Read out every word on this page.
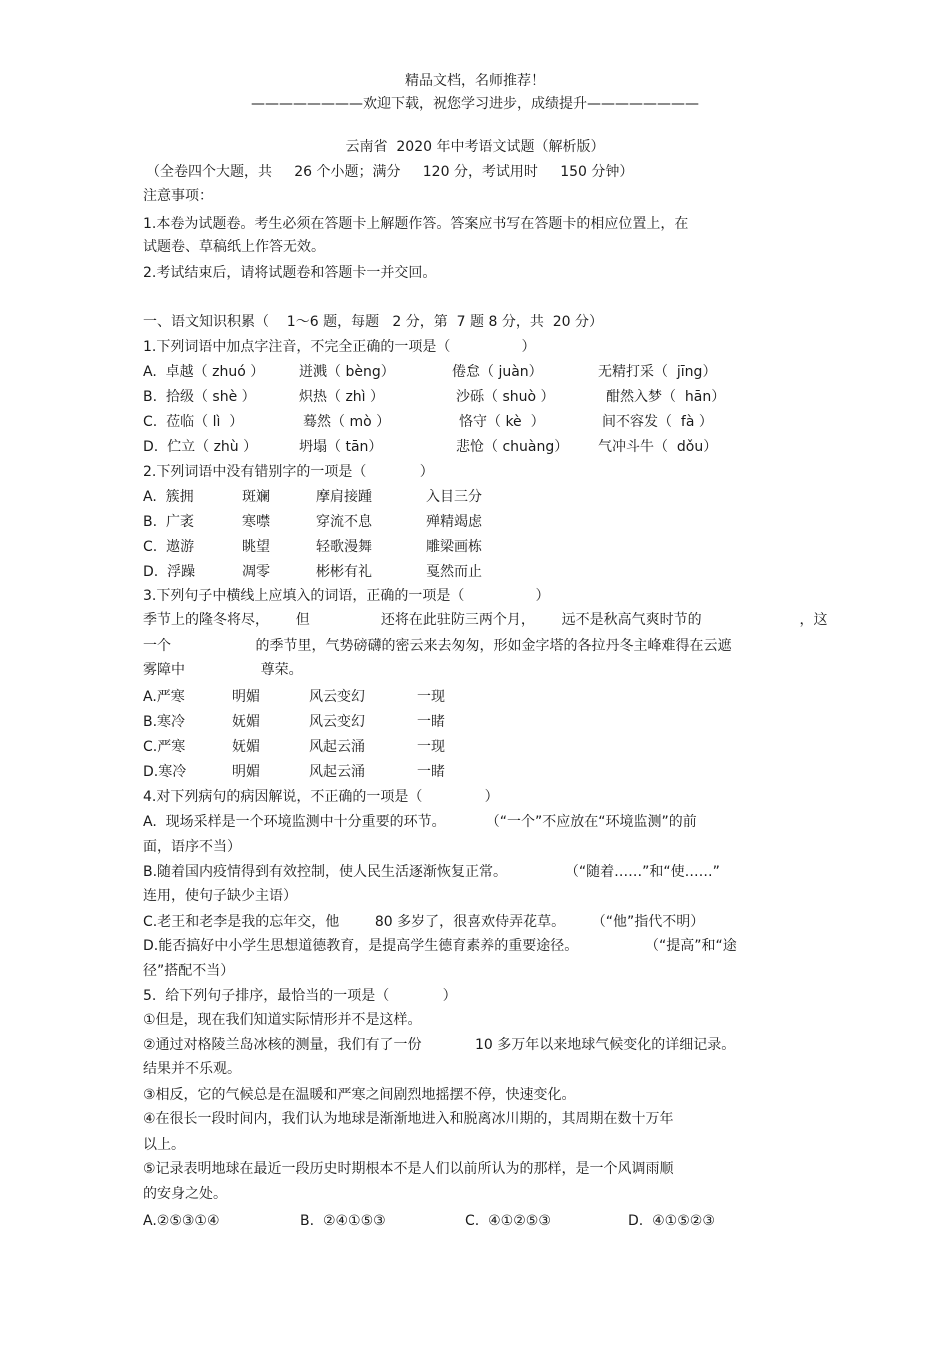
精品文档，名师推荐！
————————欢迎下载，祝您学习进步，成绩提升————————
云南省  2020 年中考语文试题（解析版）
（全卷四个大题，共     26 个小题；满分     120 分，考试用时     150 分钟）
注意事项：
1.本卷为试题卷。考生必须在答题卡上解题作答。答案应书写在答题卡的相应位置上，在
试题卷、草稿纸上作答无效。
2.考试结束后，请将试题卷和答题卡一并交回。
一、语文知识积累（    1～6 题，每题   2 分，第  7 题 8 分，共  20 分）
1.下列词语中加点字注音，不完全正确的一项是（                ）
A.  卓越（ zhuó ） 迸溅（ bèng）	倦怠（ juàn）	无精打采（  jīng）
B.  拾级（ shè ）	炽热（ zhì ）	沙砾（ shuò ）	酣然入梦（  hān）
C.  莅临（ lì  ）	蓦然（ mò ）	恪守（ kè  ）	间不容发（  fà ）
D.  伫立（ zhù ）	坍塌（ tān）	悲怆（ chuàng） 气冲斗牛（  dǒu）
2.下列词语中没有错别字的一项是（            ）
A.  簇拥	斑斓	摩肩接踵	入目三分
B.  广袤	寒噤	穿流不息	殚精竭虑
C.  遨游	眺望	轻歌漫舞	雕梁画栋
D.  浮躁	凋零	彬彬有礼	戛然而止
3.下列句子中横线上应填入的词语，正确的一项是（                ）
季节上的隆冬将尽，      但                还将在此驻防三两个月，      远不是秋高气爽时节的                      ，这
一个                   的季节里，气势磅礴的密云来去匆匆，形如金字塔的各拉丹冬主峰难得在云遮
雾障中                 尊荣。
A.严寒	明媚	风云变幻	一现
B.寒冷	妩媚	风云变幻	一睹
C.严寒	妩媚	风起云涌	一现
D.寒冷	明媚	风起云涌	一睹
4.对下列病句的病因解说，不正确的一项是（              ）
A.  现场采样是一个环境监测中十分重要的环节。         （“一个”不应放在“环境监测”的前
面，语序不当）
B.随着国内疫情得到有效控制，使人民生活逐渐恢复正常。             （“随着……”和“使……”
连用，使句子缺少主语）
C.老王和老李是我的忘年交，他        80 多岁了，很喜欢侍弄花草。      （“他”指代不明）
D.能否搞好中小学生思想道德教育，是提高学生德育素养的重要途径。               （“提高”和“途
径”搭配不当）
5.  给下列句子排序，最恰当的一项是（            ）
①但是，现在我们知道实际情形并不是这样。
②通过对格陵兰岛冰核的测量，我们有了一份            10 多万年以来地球气候变化的详细记录。
结果并不乐观。
③相反，它的气候总是在温暖和严寒之间剧烈地摇摆不停，快速变化。
④在很长一段时间内，我们认为地球是渐渐地进入和脱离冰川期的，其周期在数十万年
以上。
⑤记录表明地球在最近一段历史时期根本不是人们以前所认为的那样，是一个风调雨顺
的安身之处。
A.②⑤③①④	B.  ②④①⑤③	C.  ④①②⑤③	D.  ④①⑤②③
